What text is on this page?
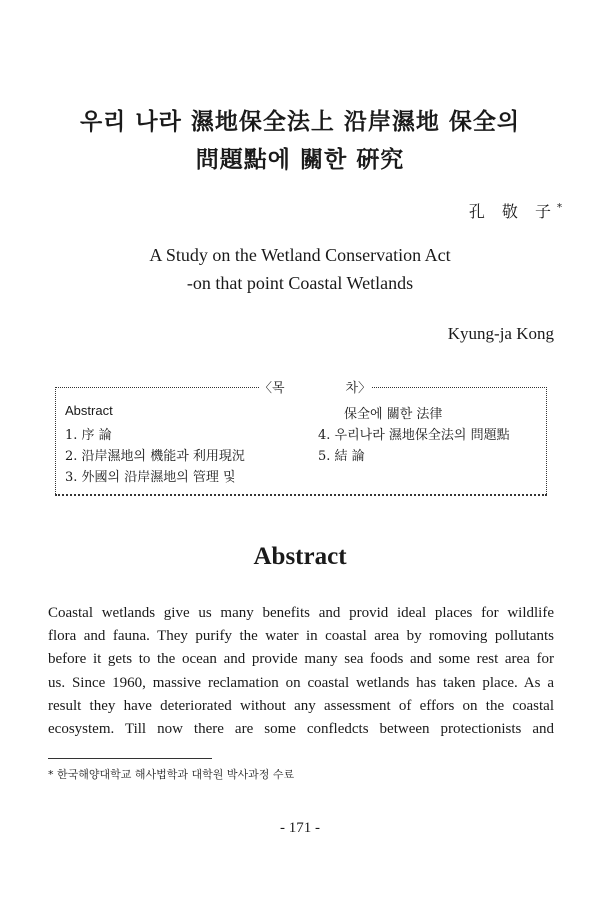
우리 나라 濕地保全法上 沿岸濕地 保全의
問題點에 關한 硏究
孔 敬 子*
A Study on the Wetland Conservation Act
-on that point Coastal Wetlands
Kyung-ja Kong
〈목	차〉
Abstract
1. 序 論
2. 沿岸濕地의 機能과 利用現況
3. 外國의 沿岸濕地의 管理 및
保全에 關한 法律
4. 우리나라 濕地保全法의 問題點
5. 結 論
Abstract
Coastal wetlands give us many benefits and provid ideal places for wildlife
flora and fauna. They purify the water in coastal area by romoving pollutants
before it gets to the ocean and provide many sea foods and some rest area for
us. Since 1960, massive reclamation on coastal wetlands has taken place. As a
result they have deteriorated without any assessment of effors on the coastal
ecosystem. Till now there are some confledcts between protectionists and
* 한국해양대학교 해사법학과 대학원 박사과정 수료
- 171 -
